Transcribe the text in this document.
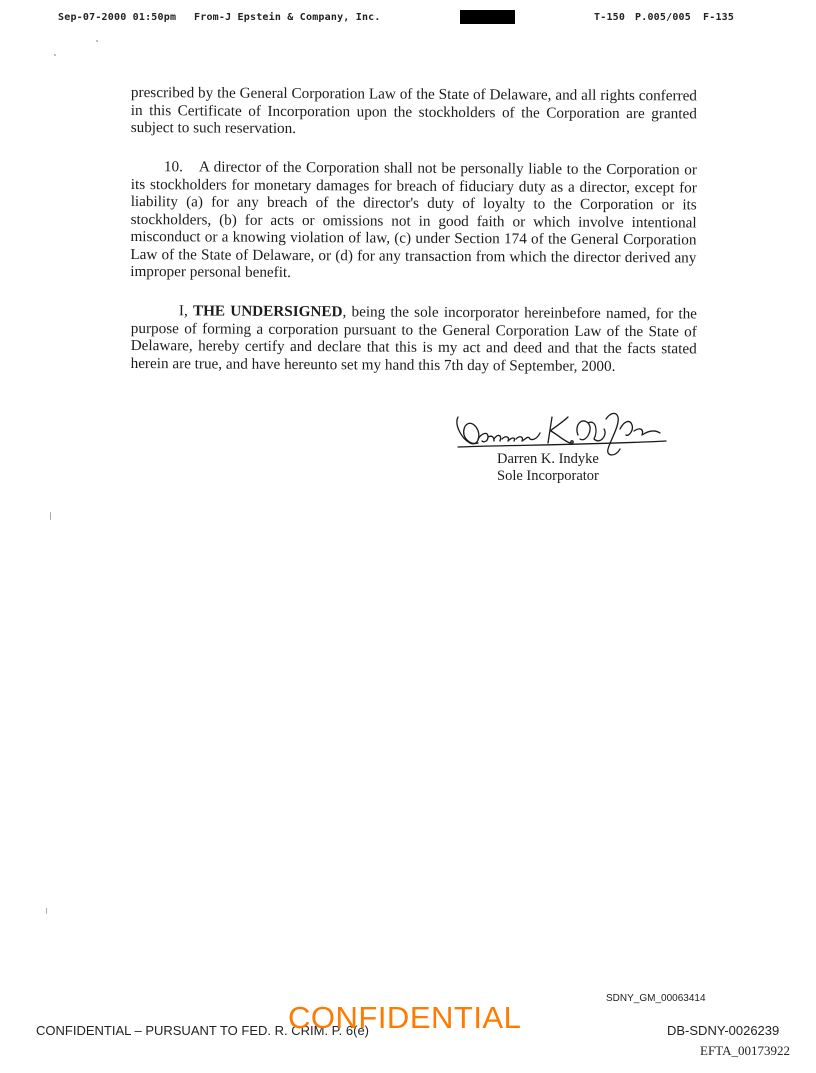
Sep-07-2000 01:50pm From-J Epstein & Company, Inc.	T-150 P.005/005 F-135

prescribed by the General Corporation Law of the State of Delaware, and all rights conferred in this Certificate of Incorporation upon the stockholders of the Corporation are granted subject to such reservation.

10. A director of the Corporation shall not be personally liable to the Corporation or its stockholders for monetary damages for breach of fiduciary duty as a director, except for liability (a) for any breach of the director's duty of loyalty to the Corporation or its stockholders, (b) for acts or omissions not in good faith or which involve intentional misconduct or a knowing violation of law, (c) under Section 174 of the General Corporation Law of the State of Delaware, or (d) for any transaction from which the director derived any improper personal benefit.

I, THE UNDERSIGNED, being the sole incorporator hereinbefore named, for the purpose of forming a corporation pursuant to the General Corporation Law of the State of Delaware, hereby certify and declare that this is my act and deed and that the facts stated herein are true, and have hereunto set my hand this 7th day of September, 2000.

Darren K. Indyke
Sole Incorporator
SDNY_GM_00063414
CONFIDENTIAL – PURSUANT TO FED. R. CRIM. P. 6(e)
CONFIDENTIAL	DB-SDNY-0026239
EFTA_00173922
